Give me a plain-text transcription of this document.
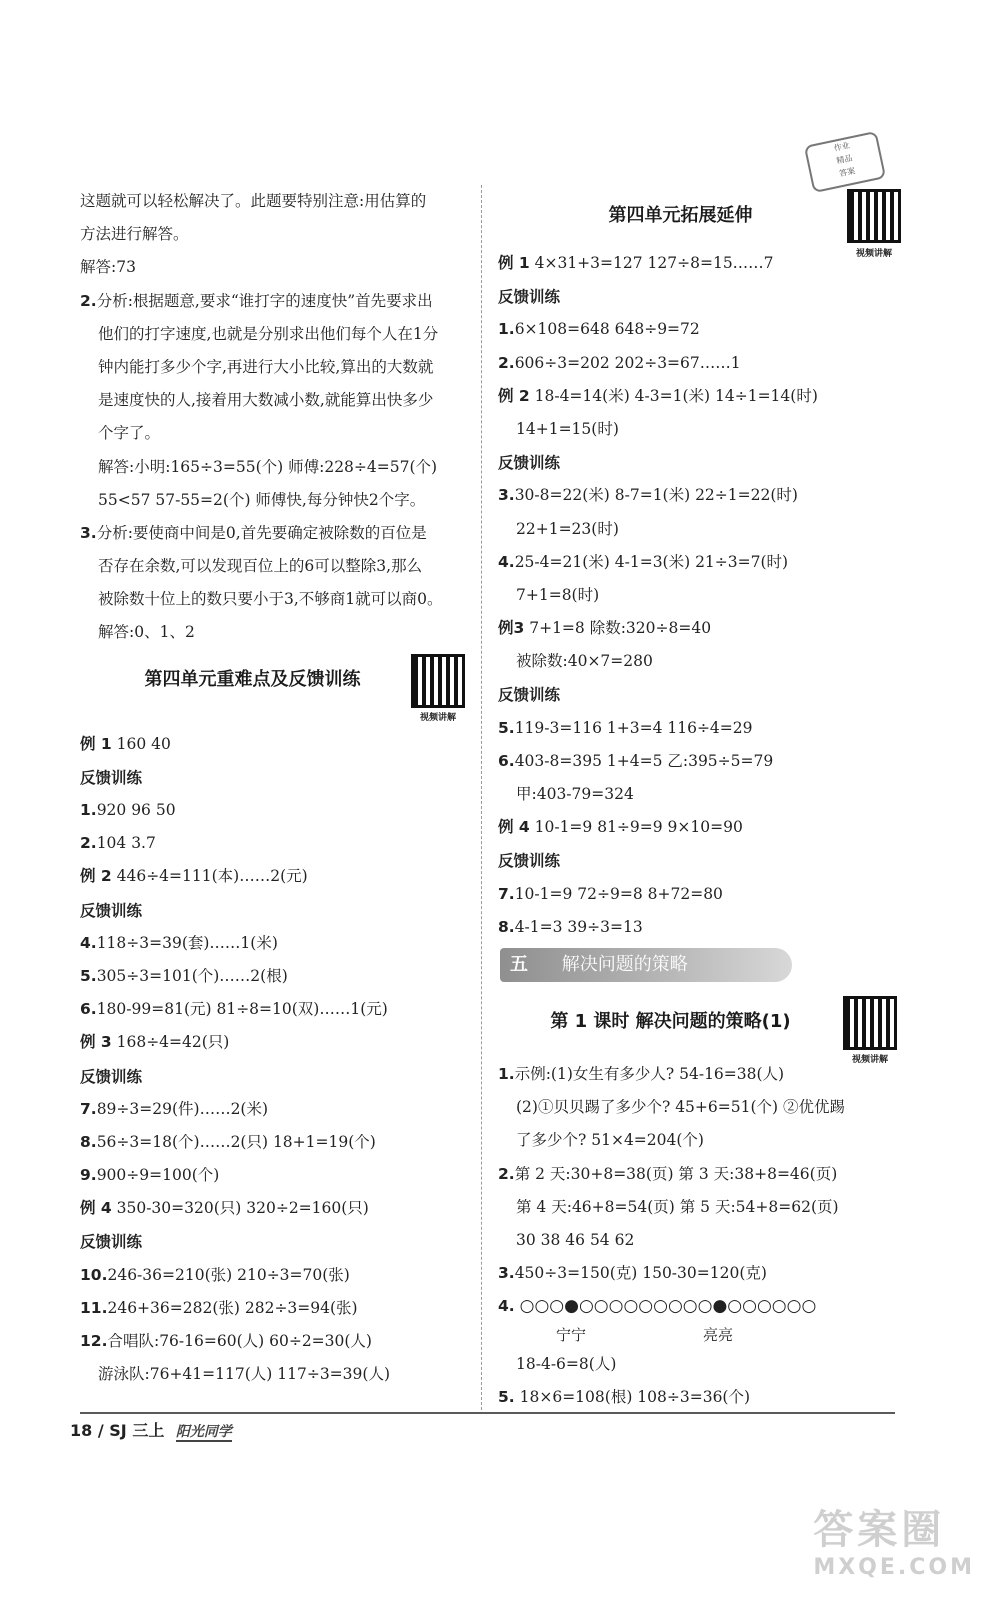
作业
精品
答案
这题就可以轻松解决了。此题要特别注意:用估算的
方法进行解答。
解答:73
2.分析:根据题意,要求“谁打字的速度快”首先要求出
他们的打字速度,也就是分别求出他们每个人在1分
钟内能打多少个字,再进行大小比较,算出的大数就
是速度快的人,接着用大数减小数,就能算出快多少
个字了。
解答:小明:165÷3=55(个) 师傅:228÷4=57(个)
55<57 57-55=2(个) 师傅快,每分钟快2个字。
3.分析:要使商中间是0,首先要确定被除数的百位是
否存在余数,可以发现百位上的6可以整除3,那么
被除数十位上的数只要小于3,不够商1就可以商0。
解答:0、1、2
第四单元重难点及反馈训练
视频讲解
例 1 160 40
反馈训练
1.920 96 50
2.104 3.7
例 2 446÷4=111(本)……2(元)
反馈训练
4.118÷3=39(套)……1(米)
5.305÷3=101(个)……2(根)
6.180-99=81(元) 81÷8=10(双)……1(元)
例 3 168÷4=42(只)
反馈训练
7.89÷3=29(件)……2(米)
8.56÷3=18(个)……2(只) 18+1=19(个)
9.900÷9=100(个)
例 4 350-30=320(只) 320÷2=160(只)
反馈训练
10.246-36=210(张) 210÷3=70(张)
11.246+36=282(张) 282÷3=94(张)
12.合唱队:76-16=60(人) 60÷2=30(人)
游泳队:76+41=117(人) 117÷3=39(人)
第四单元拓展延伸
视频讲解
例 1 4×31+3=127 127÷8=15……7
反馈训练
1.6×108=648 648÷9=72
2.606÷3=202 202÷3=67……1
例 2 18-4=14(米) 4-3=1(米) 14÷1=14(时)
14+1=15(时)
反馈训练
3.30-8=22(米) 8-7=1(米) 22÷1=22(时)
22+1=23(时)
4.25-4=21(米) 4-1=3(米) 21÷3=7(时)
7+1=8(时)
例3 7+1=8 除数:320÷8=40
被除数:40×7=280
反馈训练
5.119-3=116 1+3=4 116÷4=29
6.403-8=395 1+4=5 乙:395÷5=79
甲:403-79=324
例 4 10-1=9 81÷9=9 9×10=90
反馈训练
7.10-1=9 72÷9=8 8+72=80
8.4-1=3 39÷3=13
五 解决问题的策略
第 1 课时 解决问题的策略(1)
视频讲解
1.示例:(1)女生有多少人? 54-16=38(人)
(2)①贝贝踢了多少个? 45+6=51(个) ②优优踢
了多少个? 51×4=204(个)
2.第 2 天:30+8=38(页) 第 3 天:38+8=46(页)
第 4 天:46+8=54(页) 第 5 天:54+8=62(页)
30 38 46 54 62
3.450÷3=150(克) 150-30=120(克)
4. ○○○●○○○○○○○○○●○○○○○○
宁宁	亮亮
18-4-6=8(人)
5. 18×6=108(根) 108÷3=36(个)
18 / SJ 三上 阳光同学
答案圈
MXQE.COM
